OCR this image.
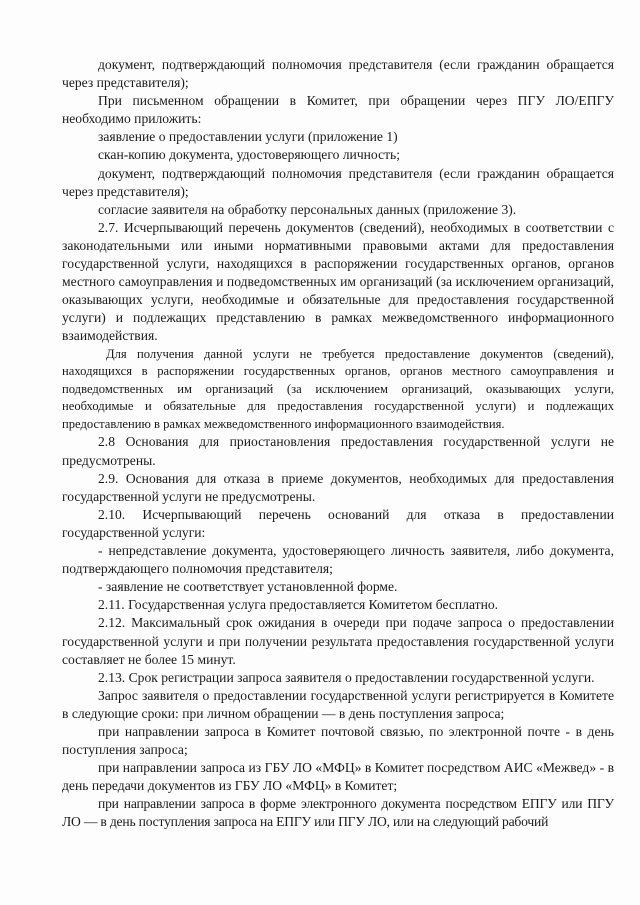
документ, подтверждающий полномочия представителя (если гражданин обращается через представителя);

При письменном обращении в Комитет, при обращении через ПГУ ЛО/ЕПГУ необходимо приложить:

заявление о предоставлении услуги (приложение 1)

скан-копию документа, удостоверяющего личность;

документ, подтверждающий полномочия представителя (если гражданин обращается через представителя);

согласие заявителя на обработку персональных данных (приложение 3).

2.7. Исчерпывающий перечень документов (сведений), необходимых в соответствии с законодательными или иными нормативными правовыми актами для предоставления государственной услуги, находящихся в распоряжении государственных органов, органов местного самоуправления и подведомственных им организаций (за исключением организаций, оказывающих услуги, необходимые и обязательные для предоставления государственной услуги) и подлежащих представлению в рамках межведомственного информационного взаимодействия.

Для получения данной услуги не требуется предоставление документов (сведений), находящихся в распоряжении государственных органов, органов местного самоуправления и подведомственных им организаций (за исключением организаций, оказывающих услуги, необходимые и обязательные для предоставления государственной услуги) и подлежащих предоставлению в рамках межведомственного информационного взаимодействия.

2.8 Основания для приостановления предоставления государственной услуги не предусмотрены.

2.9. Основания для отказа в приеме документов, необходимых для предоставления государственной услуги не предусмотрены.

2.10. Исчерпывающий перечень оснований для отказа в предоставлении государственной услуги:

- непредставление документа, удостоверяющего личность заявителя, либо документа, подтверждающего полномочия представителя;

- заявление не соответствует установленной форме.

2.11. Государственная услуга предоставляется Комитетом бесплатно.

2.12. Максимальный срок ожидания в очереди при подаче запроса о предоставлении государственной услуги и при получении результата предоставления государственной услуги составляет не более 15 минут.

2.13. Срок регистрации запроса заявителя о предоставлении государственной услуги.

Запрос заявителя о предоставлении государственной услуги регистрируется в Комитете в следующие сроки: при личном обращении — в день поступления запроса;

при направлении запроса в Комитет почтовой связью, по электронной почте - в день поступления запроса;

при направлении запроса из ГБУ ЛО «МФЦ» в Комитет посредством АИС «Межвед» - в день передачи документов из ГБУ ЛО «МФЦ» в Комитет;

при направлении запроса в форме электронного документа посредством ЕПГУ или ПГУ ЛО — в день поступления запроса на ЕПГУ или ПГУ ЛО, или на следующий рабочий
